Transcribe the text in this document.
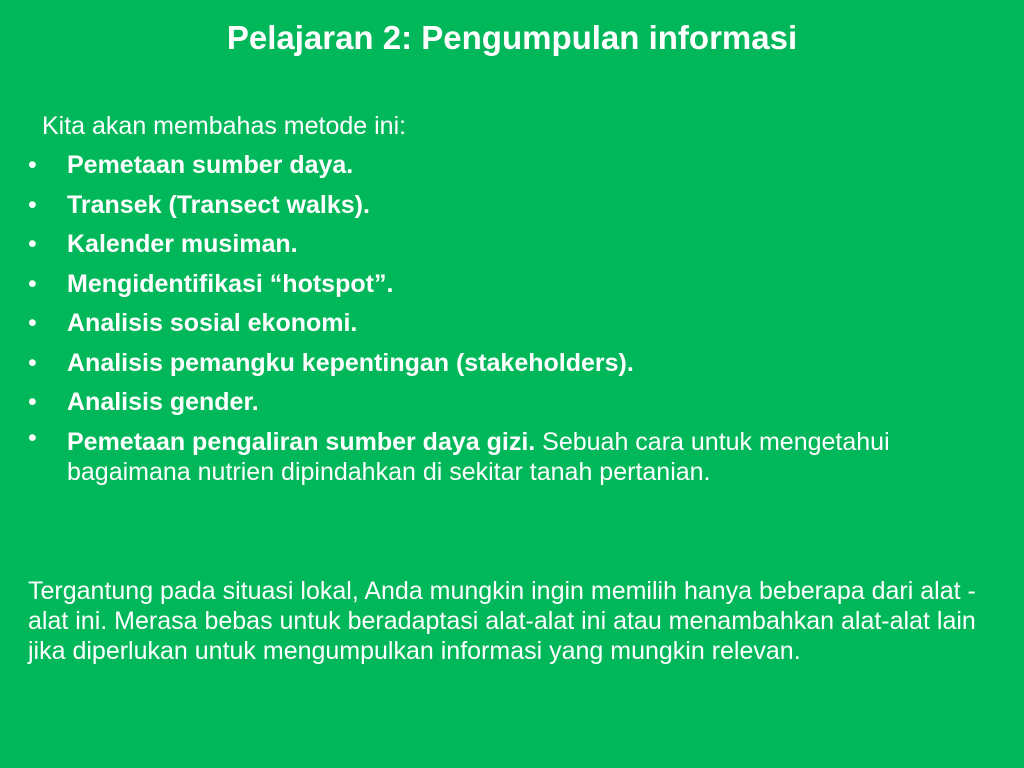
Pelajaran 2: Pengumpulan informasi

Kita akan membahas metode ini:

• Pemetaan sumber daya.
• Transek (Transect walks).
• Kalender musiman.
• Mengidentifikasi “hotspot”.
• Analisis sosial ekonomi.
• Analisis pemangku kepentingan (stakeholders).
• Analisis gender.
• Pemetaan pengaliran sumber daya gizi. Sebuah cara untuk mengetahui bagaimana nutrien dipindahkan di sekitar tanah pertanian.

Tergantung pada situasi lokal, Anda mungkin ingin memilih hanya beberapa dari alat -alat ini. Merasa bebas untuk beradaptasi alat-alat ini atau menambahkan alat-alat lain jika diperlukan untuk mengumpulkan informasi yang mungkin relevan.
